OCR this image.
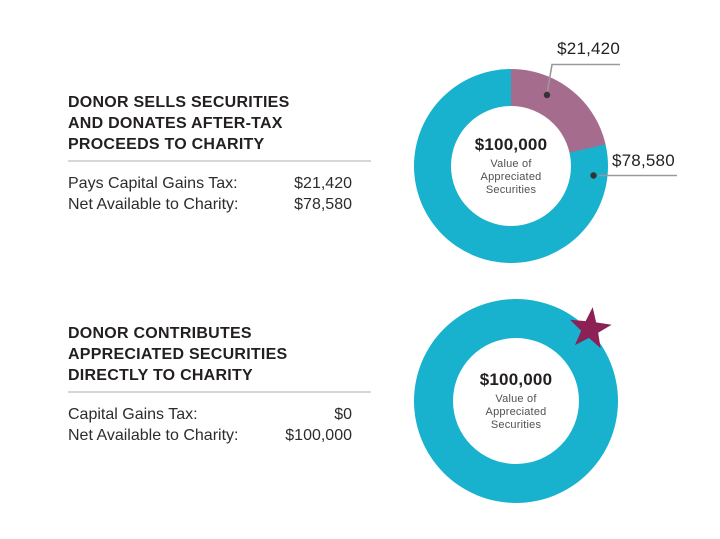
DONOR SELLS SECURITIES
AND DONATES AFTER-TAX
PROCEEDS TO CHARITY
Pays Capital Gains Tax:	$21,420
Net Available to Charity:	$78,580
$100,000
Value of
Appreciated
Securities
$21,420
$78,580
DONOR CONTRIBUTES
APPRECIATED SECURITIES
DIRECTLY TO CHARITY
Capital Gains Tax:	$0
Net Available to Charity:	$100,000
$100,000
Value of
Appreciated
Securities
